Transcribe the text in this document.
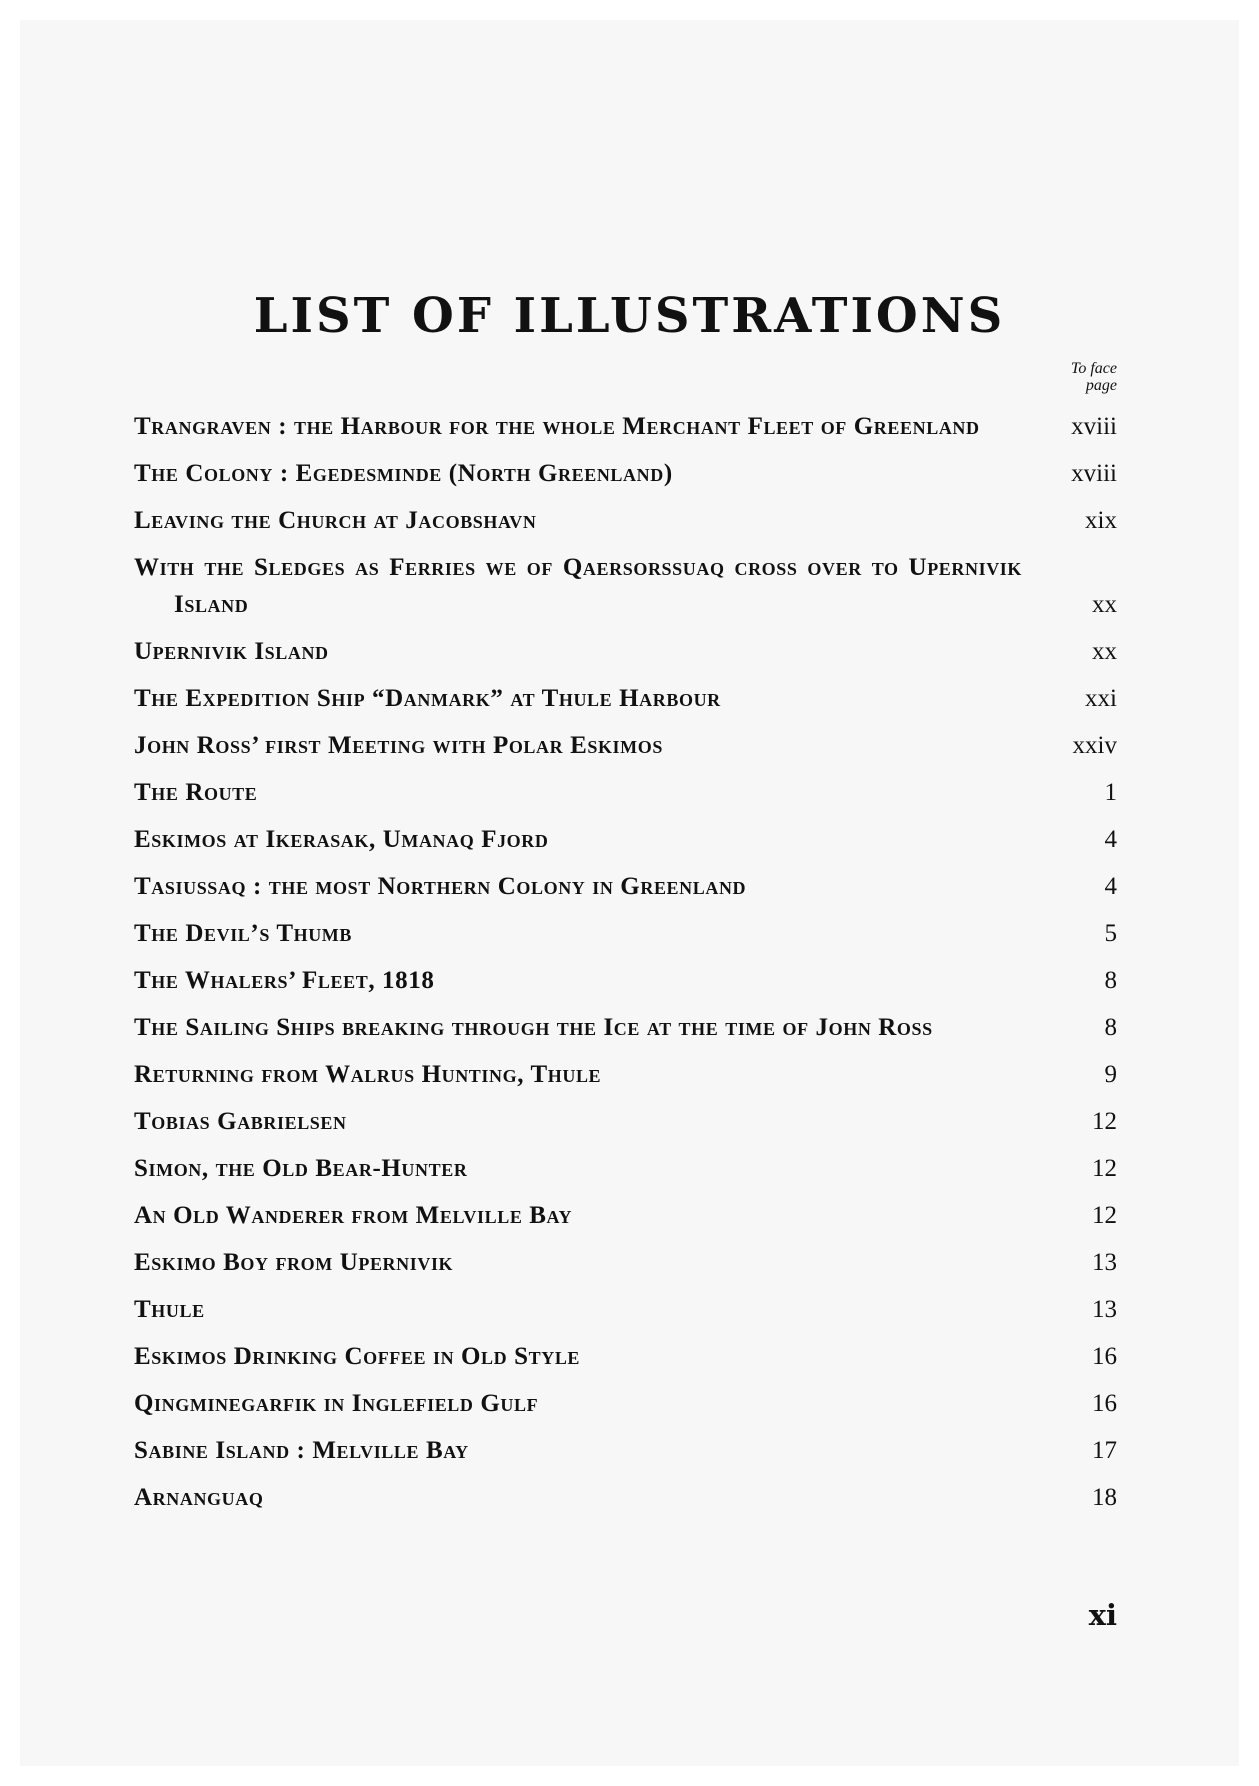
LIST OF ILLUSTRATIONS
To face page
Trangraven : the Harbour for the whole Merchant Fleet of Greenland	xviii
The Colony : Egedesminde (North Greenland)	xviii
Leaving the Church at Jacobshavn	xix
With the Sledges as Ferries we of Qaersorssuaq cross over to Upernivik Island	xx
Upernivik Island	xx
The Expedition Ship “Danmark” at Thule Harbour	xxi
John Ross’ first Meeting with Polar Eskimos	xxiv
The Route	1
Eskimos at Ikerasak, Umanaq Fjord	4
Tasiussaq : the most Northern Colony in Greenland	4
The Devil’s Thumb	5
The Whalers’ Fleet, 1818	8
The Sailing Ships breaking through the Ice at the time of John Ross	8
Returning from Walrus Hunting, Thule	9
Tobias Gabrielsen	12
Simon, the Old Bear-Hunter	12
An Old Wanderer from Melville Bay	12
Eskimo Boy from Upernivik	13
Thule	13
Eskimos Drinking Coffee in Old Style	16
Qingminegarfik in Inglefield Gulf	16
Sabine Island : Melville Bay	17
Arnanguaq	18
xi
